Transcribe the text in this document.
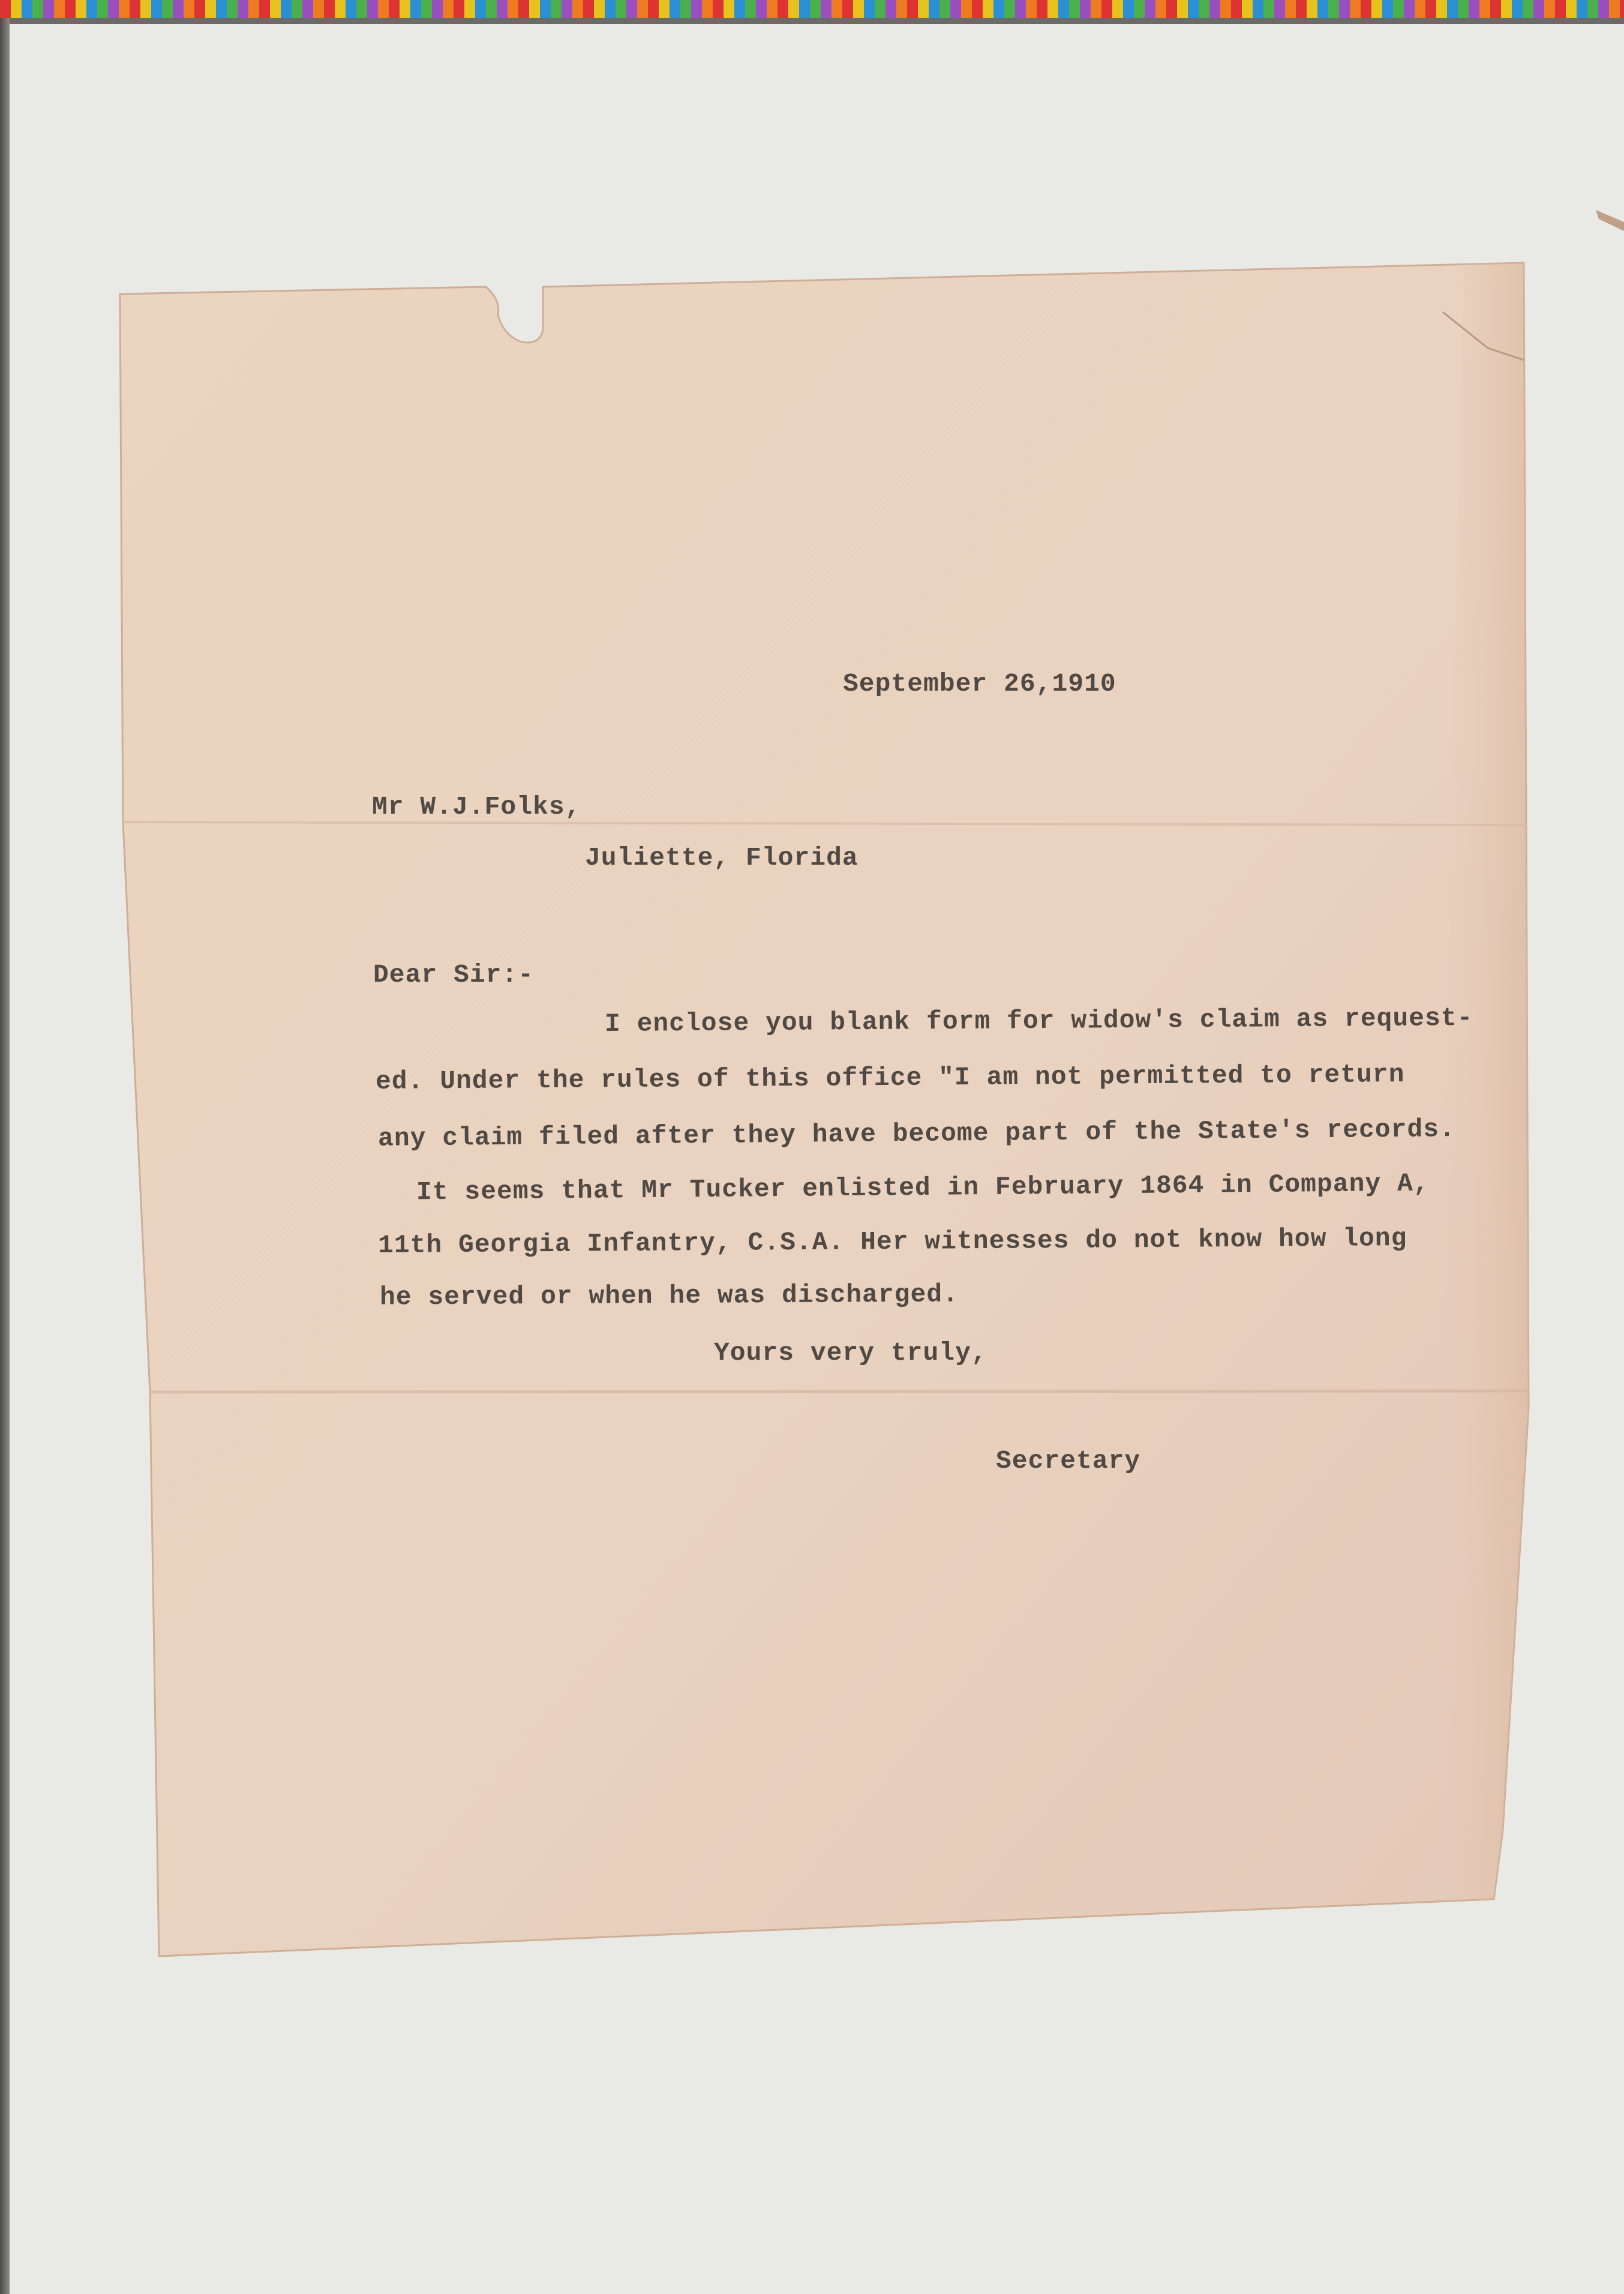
September 26,1910
Mr W.J.Folks,
Juliette, Florida
Dear Sir:-
I enclose you blank form for widow's claim as request-
ed. Under the rules of this office "I am not permitted to return
any claim filed after they have become part of the State's records.
It seems that Mr Tucker enlisted in February 1864 in Company A,
11th Georgia Infantry, C.S.A. Her witnesses do not know how long
he served or when he was discharged.
Yours very truly,
Secretary
